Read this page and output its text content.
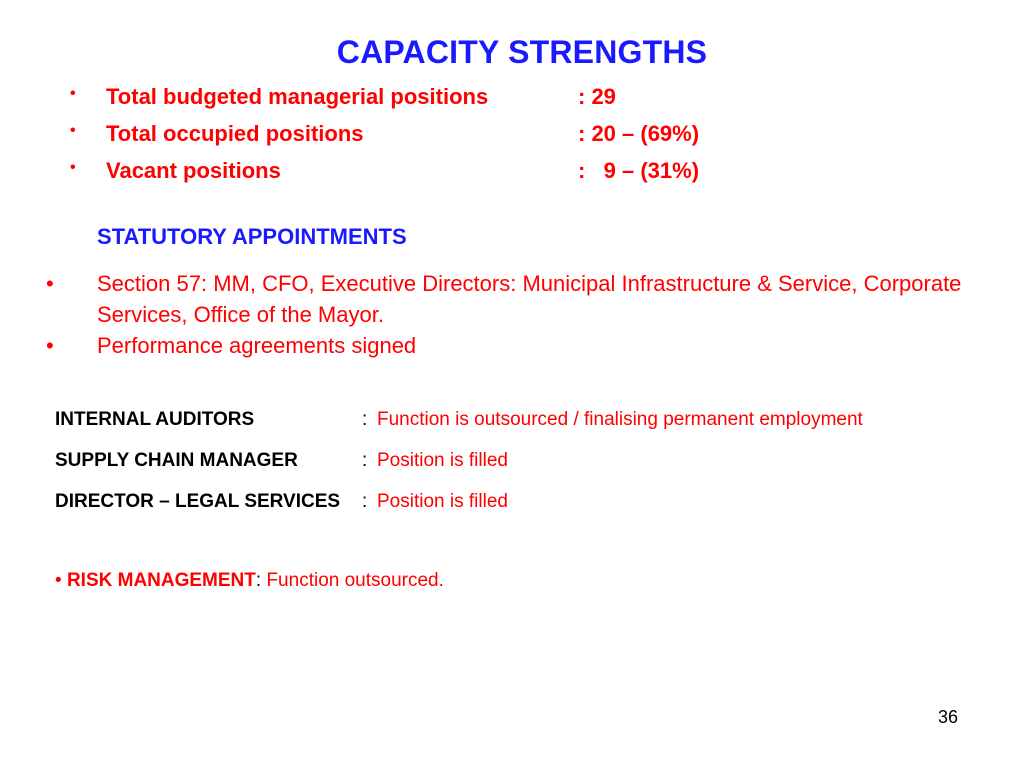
CAPACITY STRENGTHS
• Total budgeted managerial positions	: 29
• Total occupied positions	: 20 – (69%)
• Vacant positions	:   9 – (31%)
STATUTORY APPOINTMENTS
• Section 57: MM, CFO, Executive Directors: Municipal Infrastructure & Service, Corporate Services, Office of the Mayor.
• Performance agreements signed
INTERNAL AUDITORS	: Function is outsourced / finalising permanent employment
SUPPLY CHAIN MANAGER	: Position is filled
DIRECTOR – LEGAL SERVICES : Position is filled
• RISK MANAGEMENT: Function outsourced.
36
